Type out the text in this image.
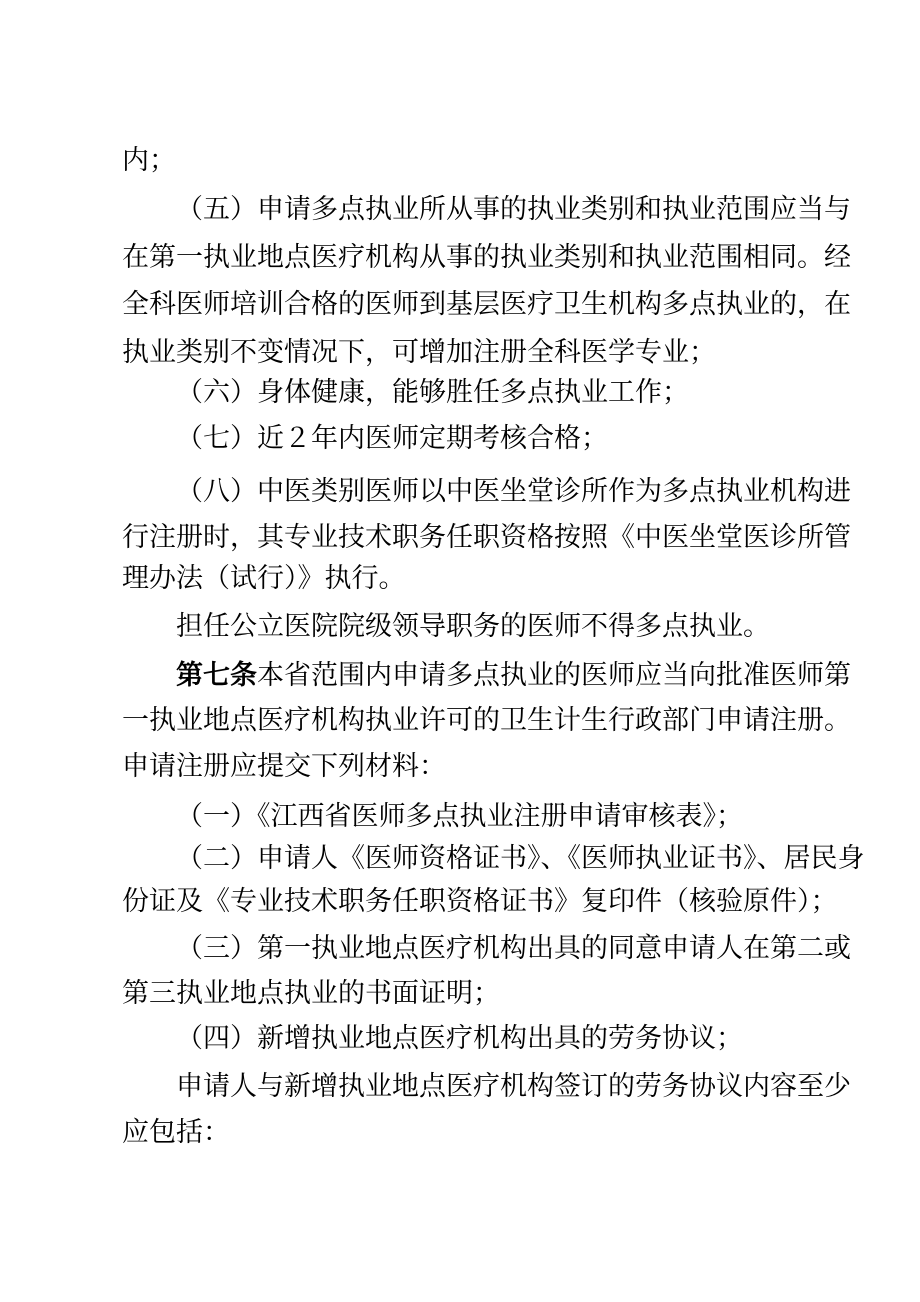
内；
（五）申请多点执业所从事的执业类别和执业范围应当与
在第一执业地点医疗机构从事的执业类别和执业范围相同。经
全科医师培训合格的医师到基层医疗卫生机构多点执业的，在
执业类别不变情况下，可增加注册全科医学专业；
（六）身体健康，能够胜任多点执业工作；
（七）近２年内医师定期考核合格；
（八）中医类别医师以中医坐堂诊所作为多点执业机构进
行注册时，其专业技术职务任职资格按照《中医坐堂医诊所管
理办法（试行）》执行。
担任公立医院院级领导职务的医师不得多点执业。
第七条 本省范围内申请多点执业的医师应当向批准医师第
一执业地点医疗机构执业许可的卫生计生行政部门申请注册。
申请注册应提交下列材料：
（一）《江西省医师多点执业注册申请审核表》；
（二）申请人《医师资格证书》、《医师执业证书》、居民身
份证及《专业技术职务任职资格证书》复印件（核验原件）；
（三）第一执业地点医疗机构出具的同意申请人在第二或
第三执业地点执业的书面证明；
（四）新增执业地点医疗机构出具的劳务协议；
申请人与新增执业地点医疗机构签订的劳务协议内容至少
应包括：
